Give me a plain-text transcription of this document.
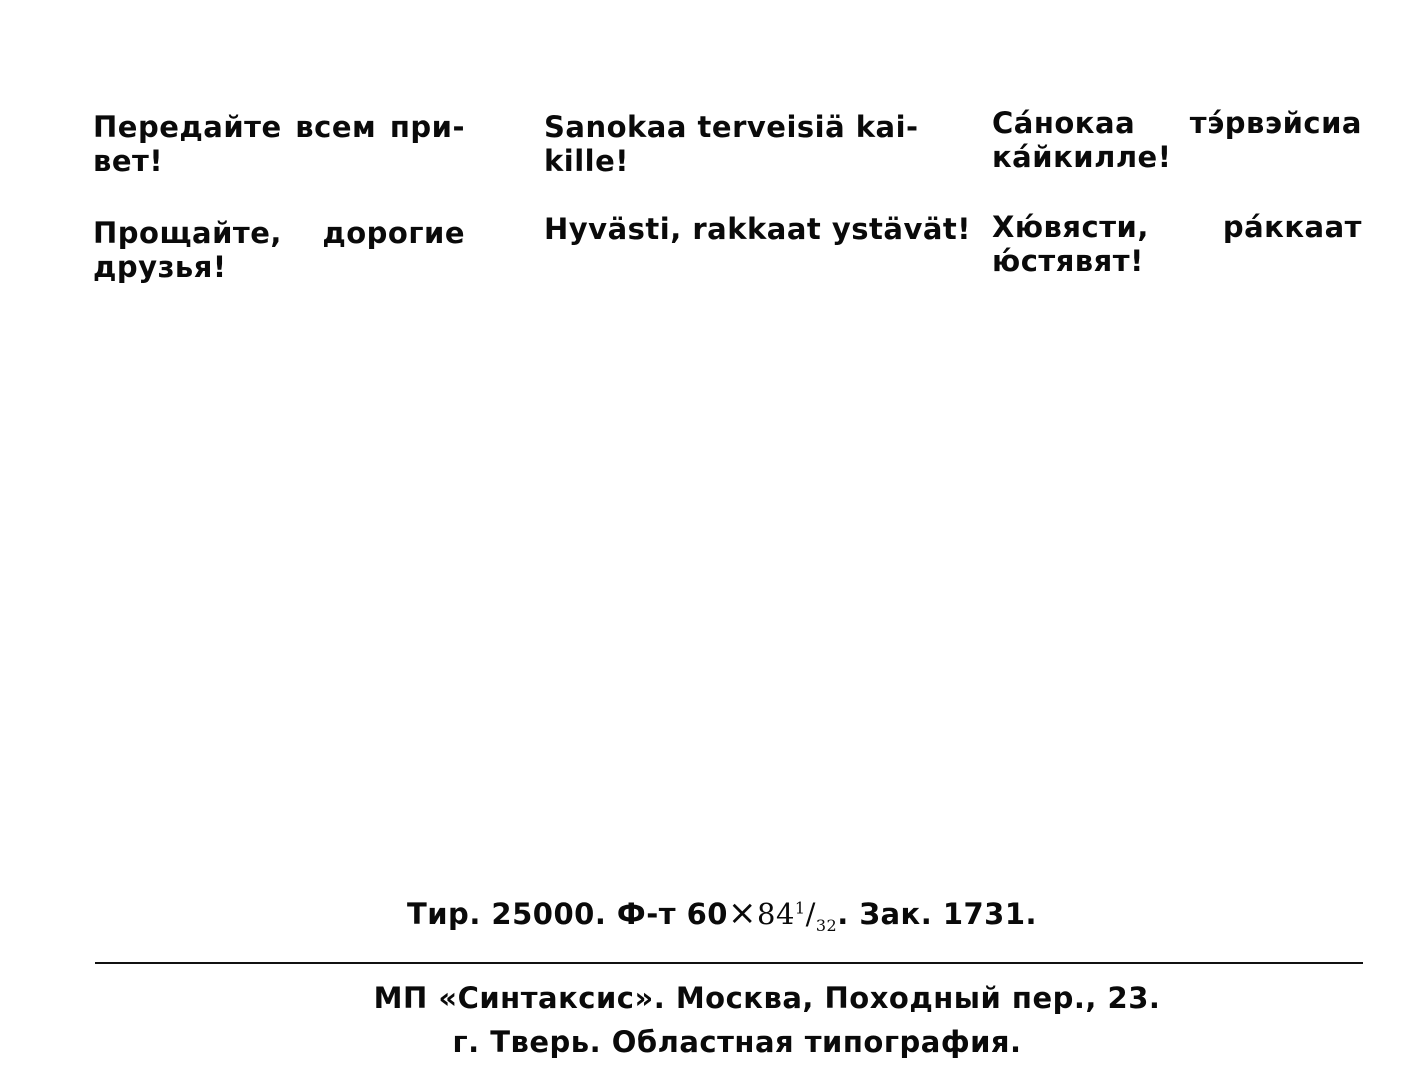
Передайте всем при-
вет!
Sanokaa terveisiä kai-
kille!
Са́нокаа тэ́рвэйсиа
ка́йкилле!
Прощайте, дорогие
друзья!
Hyvästi, rakkaat ystävät! Хю́вясти, ра́ккаат
ю́стявят!
Тир. 25000. Ф-т $60\times 84^1/_{32}$. Зак. 1731.
МП «Синтаксис». Москва, Походный пер., 23.
г. Тверь. Областная типография.
